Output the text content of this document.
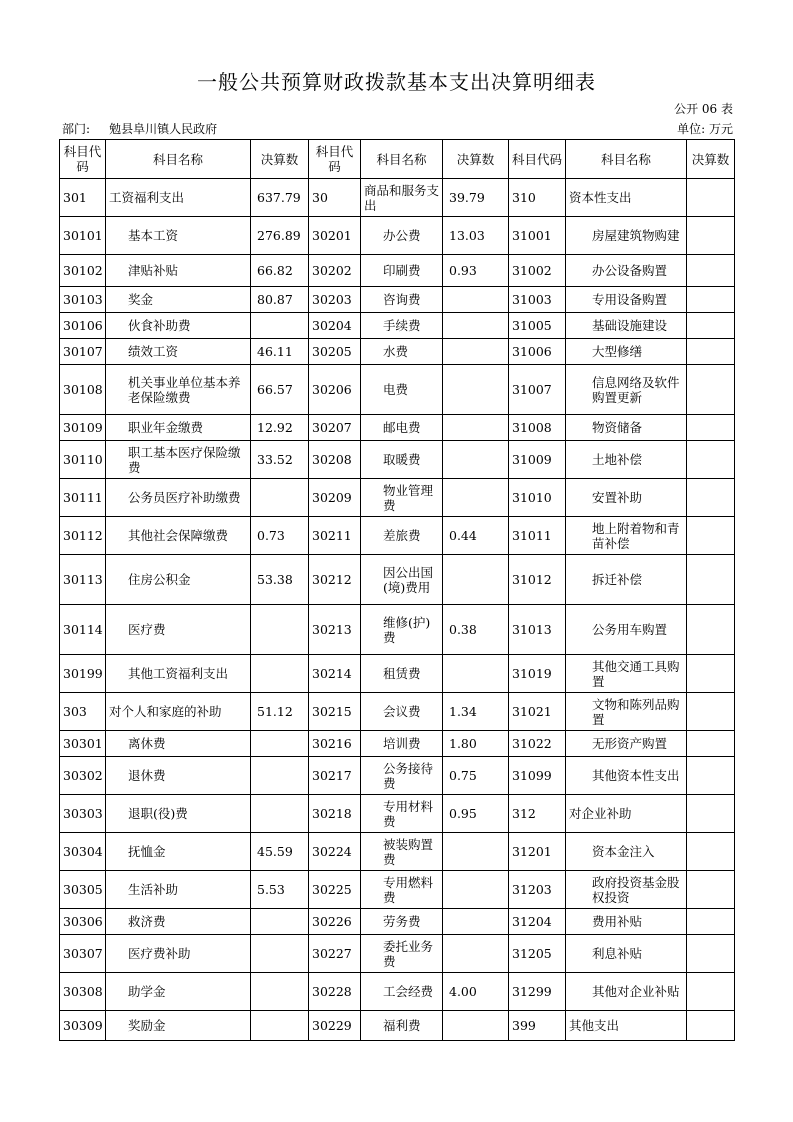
一般公共预算财政拨款基本支出决算明细表
公开 06 表
部门: 勉县阜川镇人民政府	单位: 万元
科目代码	科目名称	决算数	科目代码	科目名称	决算数	科目代码	科目名称	决算数
301	工资福利支出	637.79	30	商品和服务支出	39.79	310	资本性支出	
30101	基本工资	276.89	30201	办公费	13.03	31001	房屋建筑物购建	
30102	津贴补贴	66.82	30202	印刷费	0.93	31002	办公设备购置	
30103	奖金	80.87	30203	咨询费		31003	专用设备购置	
30106	伙食补助费		30204	手续费		31005	基础设施建设	
30107	绩效工资	46.11	30205	水费		31006	大型修缮	
30108	机关事业单位基本养老保险缴费	66.57	30206	电费		31007	信息网络及软件购置更新	
30109	职业年金缴费	12.92	30207	邮电费		31008	物资储备	
30110	职工基本医疗保险缴费	33.52	30208	取暖费		31009	土地补偿	
30111	公务员医疗补助缴费		30209	物业管理费		31010	安置补助	
30112	其他社会保障缴费	0.73	30211	差旅费	0.44	31011	地上附着物和青苗补偿	
30113	住房公积金	53.38	30212	因公出国(境)费用		31012	拆迁补偿	
30114	医疗费		30213	维修(护)费	0.38	31013	公务用车购置	
30199	其他工资福利支出		30214	租赁费		31019	其他交通工具购置	
303	对个人和家庭的补助	51.12	30215	会议费	1.34	31021	文物和陈列品购置	
30301	离休费		30216	培训费	1.80	31022	无形资产购置	
30302	退休费		30217	公务接待费	0.75	31099	其他资本性支出	
30303	退职(役)费		30218	专用材料费	0.95	312	对企业补助	
30304	抚恤金	45.59	30224	被装购置费		31201	资本金注入	
30305	生活补助	5.53	30225	专用燃料费		31203	政府投资基金股权投资	
30306	救济费		30226	劳务费		31204	费用补贴	
30307	医疗费补助		30227	委托业务费		31205	利息补贴	
30308	助学金		30228	工会经费	4.00	31299	其他对企业补贴	
30309	奖励金		30229	福利费		399	其他支出	
